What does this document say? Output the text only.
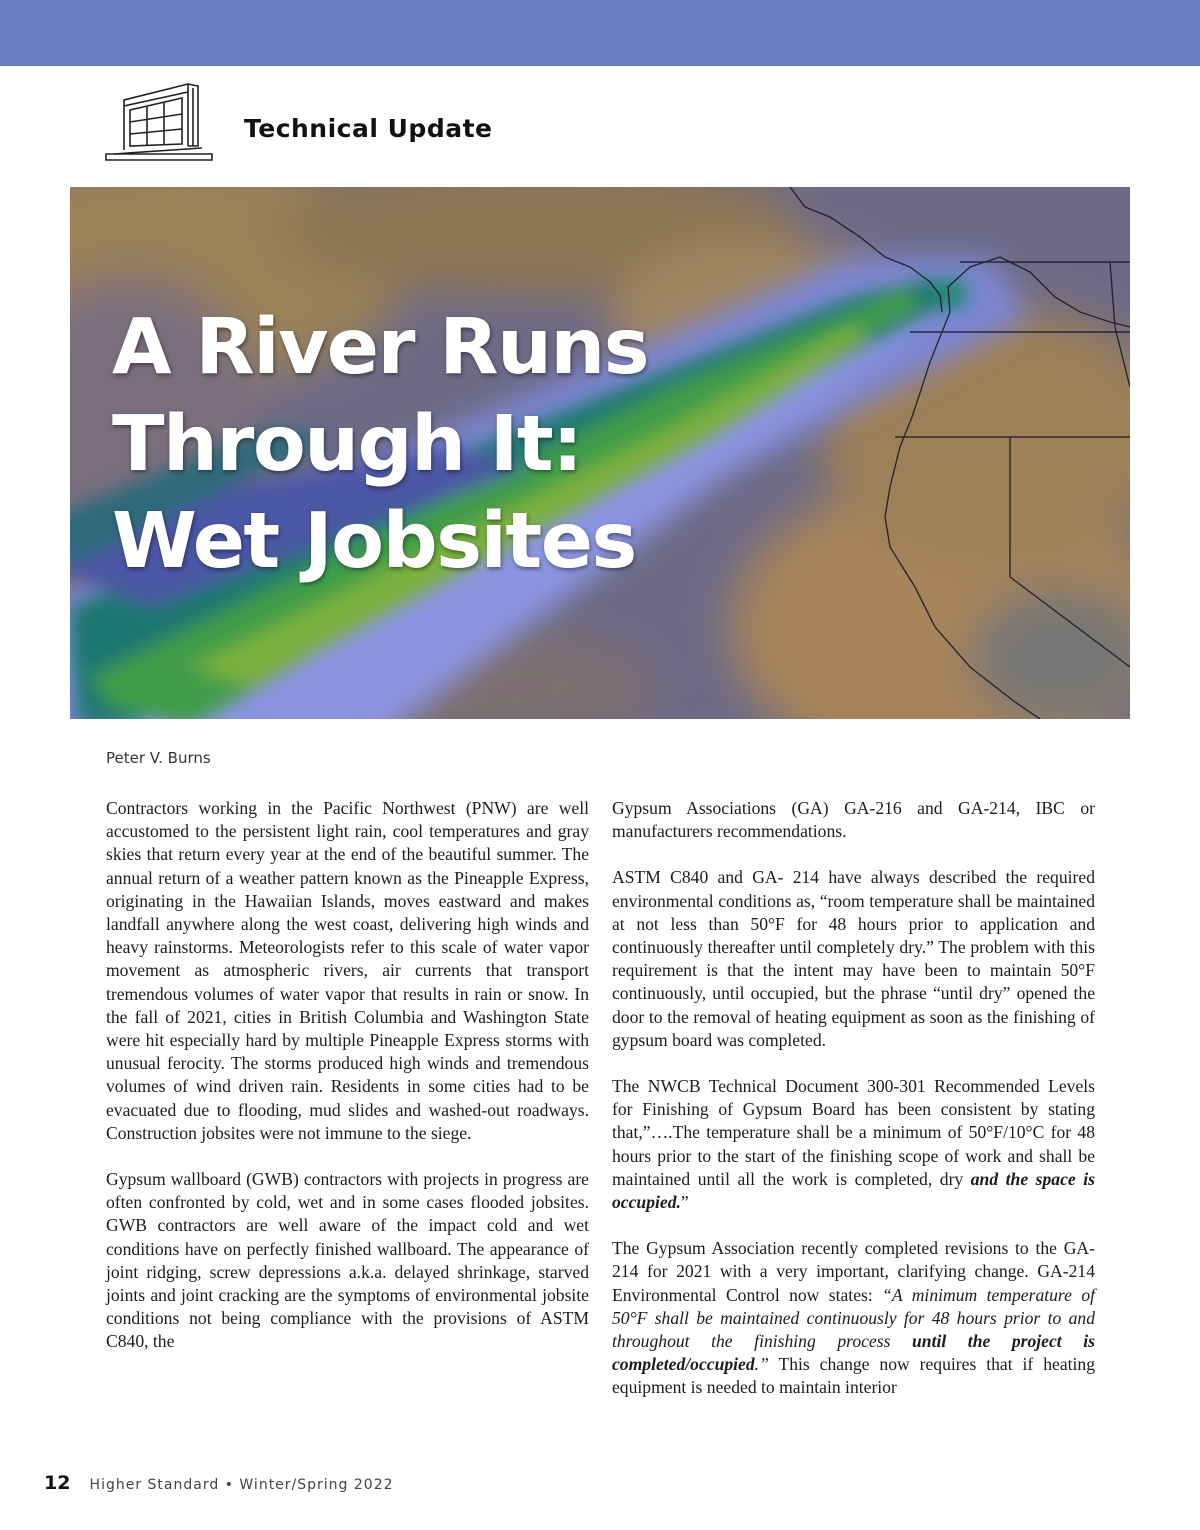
Technical Update
A River Runs
Through It:
Wet Jobsites
Peter V. Burns

Contractors working in the Pacific Northwest (PNW) are well accustomed to the persistent light rain, cool temperatures and gray skies that return every year at the end of the beautiful summer. The annual return of a weather pattern known as the Pineapple Express, originating in the Hawaiian Islands, moves eastward and makes landfall anywhere along the west coast, delivering high winds and heavy rainstorms. Meteorologists refer to this scale of water vapor movement as atmospheric rivers, air currents that transport tremendous volumes of water vapor that results in rain or snow. In the fall of 2021, cities in British Columbia and Washington State were hit especially hard by multiple Pineapple Express storms with unusual ferocity. The storms produced high winds and tremendous volumes of wind driven rain. Residents in some cities had to be evacuated due to flooding, mud slides and washed-out roadways. Construction jobsites were not immune to the siege.

Gypsum wallboard (GWB) contractors with projects in progress are often confronted by cold, wet and in some cases flooded jobsites. GWB contractors are well aware of the impact cold and wet conditions have on perfectly finished wallboard. The appearance of joint ridging, screw depressions a.k.a. delayed shrinkage, starved joints and joint cracking are the symptoms of environmental jobsite conditions not being compliance with the provisions of ASTM C840, the

Gypsum Associations (GA) GA-216 and GA-214, IBC or manufacturers recommendations.

ASTM C840 and GA- 214 have always described the required environmental conditions as, “room temperature shall be maintained at not less than 50°F for 48 hours prior to application and continuously thereafter until completely dry.” The problem with this requirement is that the intent may have been to maintain 50°F continuously, until occupied, but the phrase “until dry” opened the door to the removal of heating equipment as soon as the finishing of gypsum board was completed.

The NWCB Technical Document 300-301 Recommended Levels for Finishing of Gypsum Board has been consistent by stating that,”….The temperature shall be a minimum of 50°F/10°C for 48 hours prior to the start of the finishing scope of work and shall be maintained until all the work is completed, dry and the space is occupied.”

The Gypsum Association recently completed revisions to the GA-214 for 2021 with a very important, clarifying change. GA-214 Environmental Control now states: “A minimum temperature of 50°F shall be maintained continuously for 48 hours prior to and throughout the finishing process until the project is completed/occupied.” This change now requires that if heating equipment is needed to maintain interior

12 Higher Standard • Winter/Spring 2022
